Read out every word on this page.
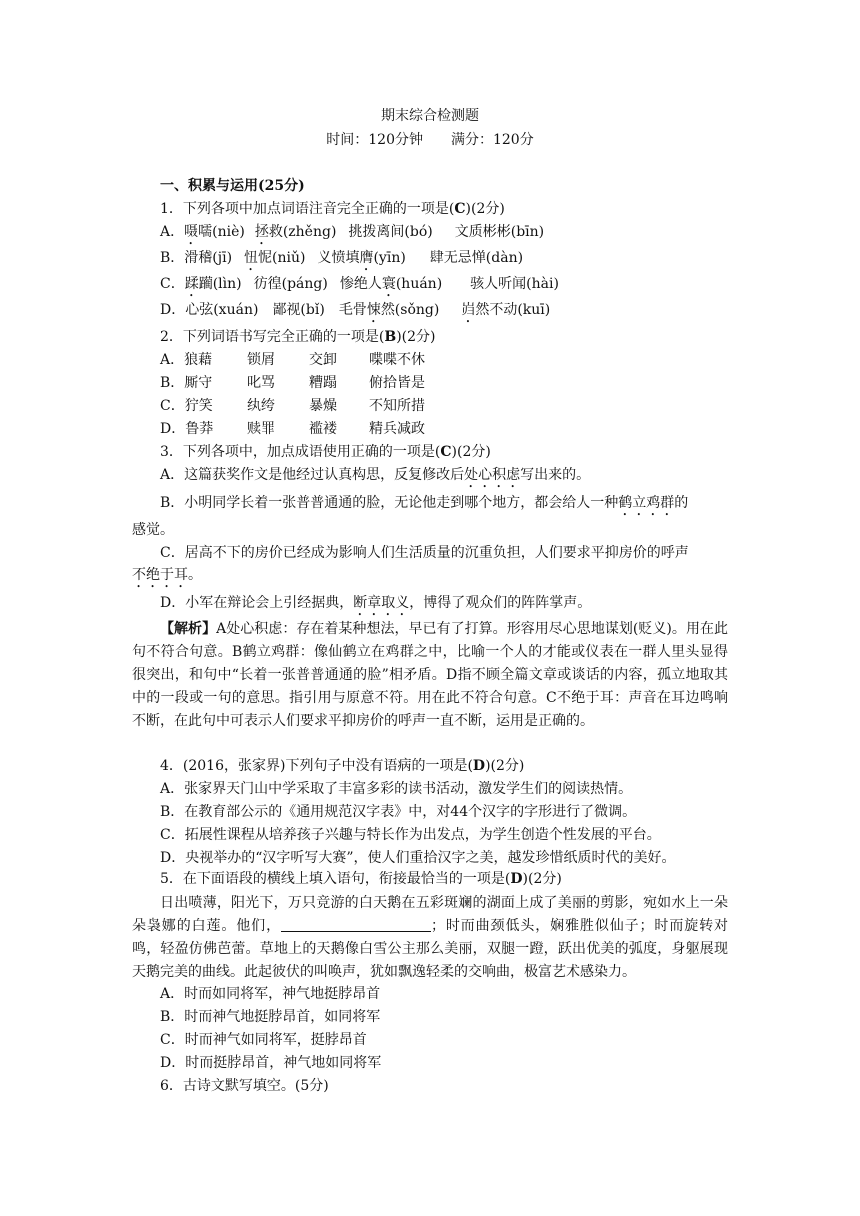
期末综合检测题
时间：120分钟　　满分：120分
一、积累与运用(25分)
1．下列各项中加点词语注音完全正确的一项是(C)(2分)
A．嗫嚅(niè) 拯救(zhěng) 挑拨离间(bó) 文质彬彬(bīn)
B．滑稽(jī) 忸怩(niǔ) 义愤填膺(yīn) 肆无忌惮(dàn)
C．蹂躏(lìn) 彷徨(páng) 惨绝人寰(huán) 骇人听闻(hài)
D．心弦(xuán) 鄙视(bǐ) 毛骨悚然(sǒng) 岿然不动(kuī)
2．下列词语书写完全正确的一项是(B)(2分)
A．狼藉 锁屑 交卸 喋喋不休
B．厮守 叱骂 糟蹋 俯拾皆是
C．狞笑 纨绔 暴燥 不知所措
D．鲁莽 赎罪 褴褛 精兵减政
3．下列各项中，加点成语使用正确的一项是(C)(2分)
A．这篇获奖作文是他经过认真构思，反复修改后处心积虑写出来的。
B．小明同学长着一张普普通通的脸，无论他走到哪个地方，都会给人一种鹤立鸡群的
感觉。
C．居高不下的房价已经成为影响人们生活质量的沉重负担，人们要求平抑房价的呼声
不绝于耳。
D．小军在辩论会上引经据典，断章取义，博得了观众们的阵阵掌声。
【解析】A处心积虑：存在着某种想法，早已有了打算。形容用尽心思地谋划(贬义)。用在此句不符合句意。B鹤立鸡群：像仙鹤立在鸡群之中，比喻一个人的才能或仪表在一群人里头显得很突出，和句中“长着一张普普通通的脸”相矛盾。D指不顾全篇文章或谈话的内容，孤立地取其中的一段或一句的意思。指引用与原意不符。用在此不符合句意。C不绝于耳：声音在耳边鸣响不断，在此句中可表示人们要求平抑房价的呼声一直不断，运用是正确的。
4．(2016，张家界)下列句子中没有语病的一项是(D)(2分)
A．张家界天门山中学采取了丰富多彩的读书活动，激发学生们的阅读热情。
B．在教育部公示的《通用规范汉字表》中，对44个汉字的字形进行了微调。
C．拓展性课程从培养孩子兴趣与特长作为出发点，为学生创造个性发展的平台。
D．央视举办的“汉字听写大赛”，使人们重拾汉字之美，越发珍惜纸质时代的美好。
5．在下面语段的横线上填入语句，衔接最恰当的一项是(D)(2分)
日出喷薄，阳光下，万只竞游的白天鹅在五彩斑斓的湖面上成了美丽的剪影，宛如水上一朵朵袅娜的白莲。他们，	；时而曲颈低头，娴雅胜似仙子；时而旋转对鸣，轻盈仿佛芭蕾。草地上的天鹅像白雪公主那么美丽，双腿一蹬，跃出优美的弧度，身躯展现天鹅完美的曲线。此起彼伏的叫唤声，犹如飘逸轻柔的交响曲，极富艺术感染力。
A．时而如同将军，神气地挺脖昂首
B．时而神气地挺脖昂首，如同将军
C．时而神气如同将军，挺脖昂首
D．时而挺脖昂首，神气地如同将军
6．古诗文默写填空。(5分)
